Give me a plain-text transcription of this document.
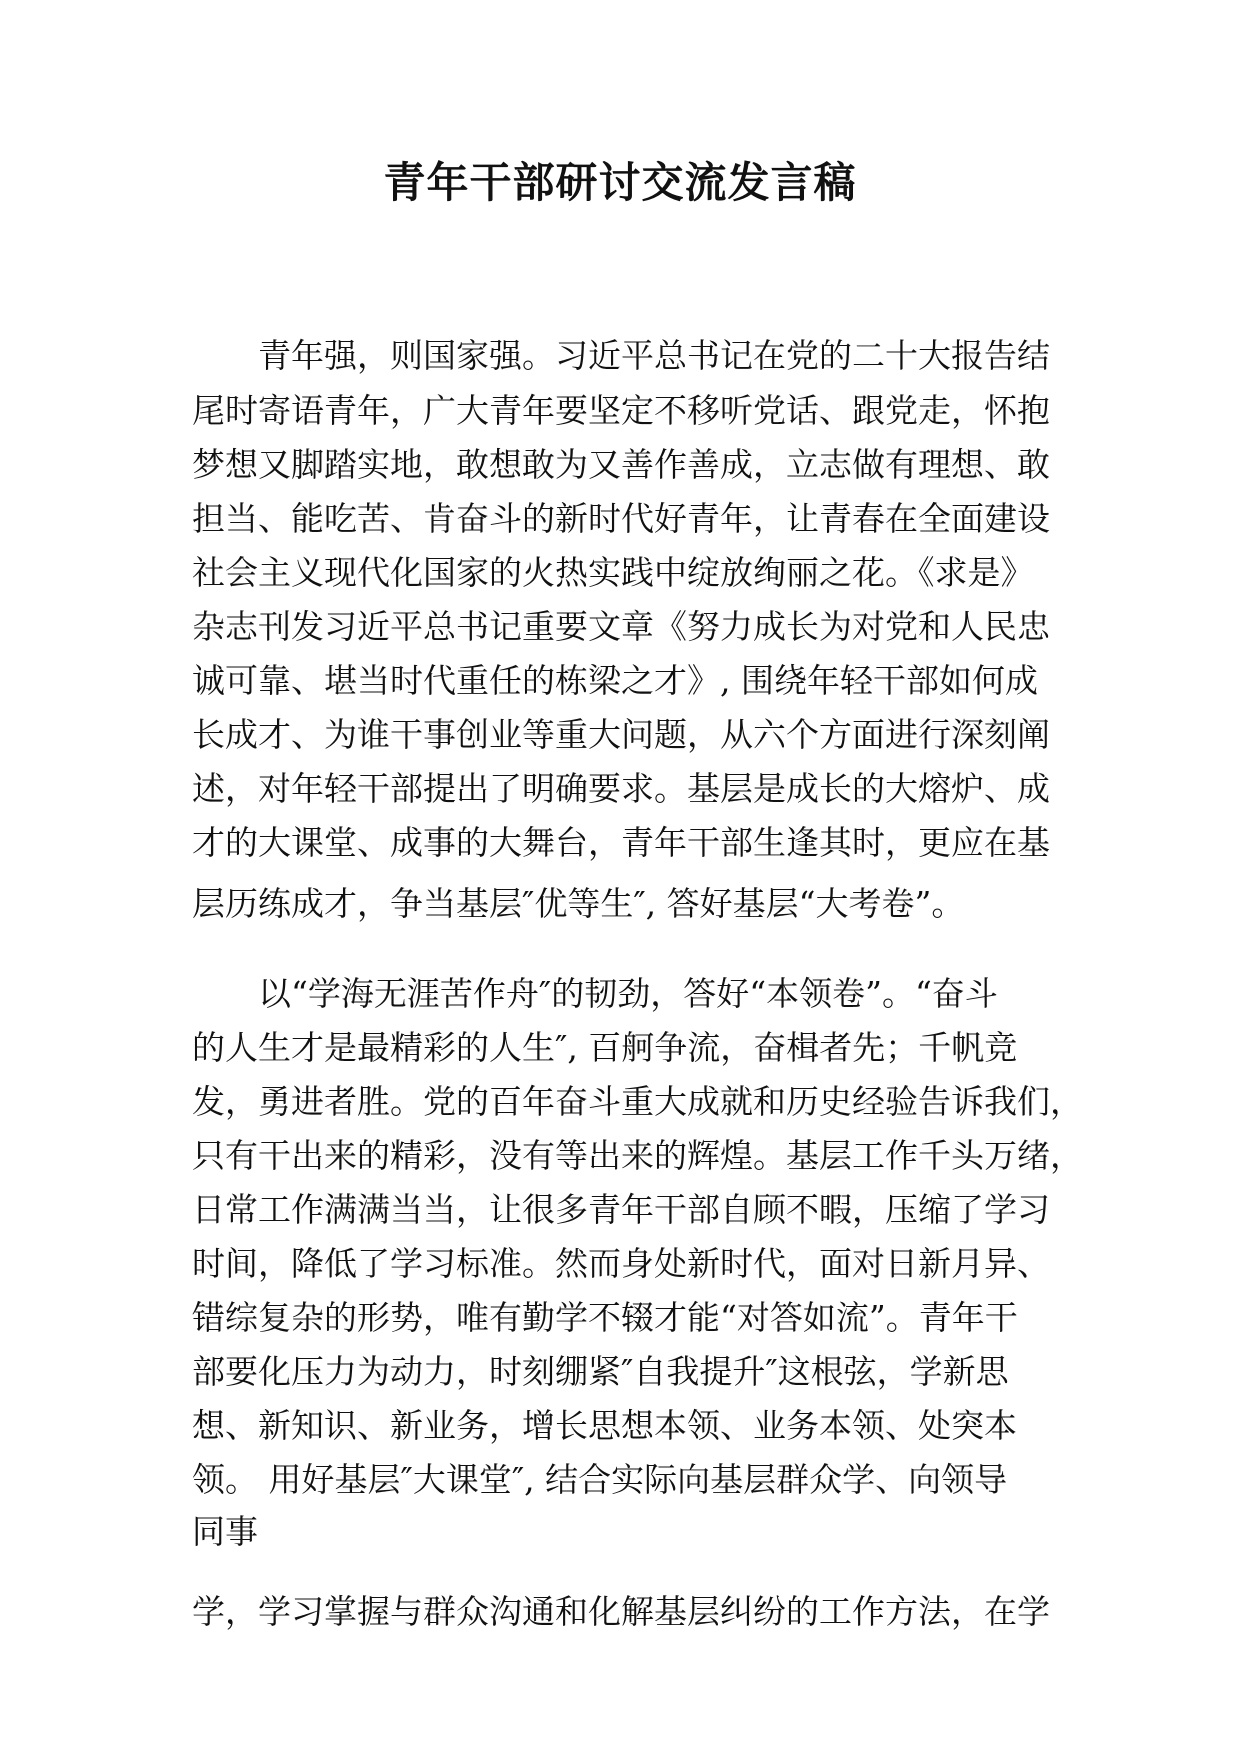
青年干部研讨交流发言稿
青年强，则国家强。习近平总书记在党的二十大报告结
尾时寄语青年，广大青年要坚定不移听党话、跟党走，怀抱
梦想又脚踏实地，敢想敢为又善作善成，立志做有理想、敢
担当、能吃苦、肯奋斗的新时代好青年，让青春在全面建设
社会主义现代化国家的火热实践中绽放绚丽之花。《求是》
杂志刊发习近平总书记重要文章《努力成长为对党和人民忠
诚可靠、堪当时代重任的栋梁之才》, 围绕年轻干部如何成
长成才、为谁干事创业等重大问题，从六个方面进行深刻阐
述，对年轻干部提出了明确要求。基层是成长的大熔炉、成
才的大课堂、成事的大舞台，青年干部生逢其时，更应在基
层历练成才，争当基层″优等生″, 答好基层“大考卷”。
以“学海无涯苦作舟″的韧劲，答好“本领卷”。“奋斗
的人生才是最精彩的人生″, 百舸争流，奋楫者先；千帆竞
发，勇进者胜。党的百年奋斗重大成就和历史经验告诉我们，
只有干出来的精彩，没有等出来的辉煌。基层工作千头万绪，
日常工作满满当当，让很多青年干部自顾不暇，压缩了学习
时间，降低了学习标准。然而身处新时代，面对日新月异、
错综复杂的形势，唯有勤学不辍才能“对答如流”。青年干
部要化压力为动力，时刻绷紧″自我提升″这根弦，学新思
想、新知识、新业务，增长思想本领、业务本领、处突本
领。 用好基层″大课堂″, 结合实际向基层群众学、向领导
同事
学，学习掌握与群众沟通和化解基层纠纷的工作方法，在学
